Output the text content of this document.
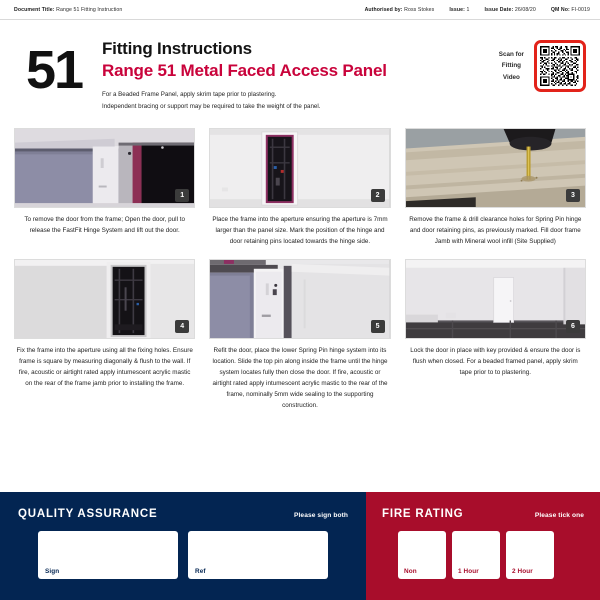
Document Title: Range 51 Fitting Instruction	Authorised by: Ross Stokes	Issue: 1	Issue Date: 26/08/20	QM No: FI-0019
51	Fitting Instructions
Range 51 Metal Faced Access Panel

For a Beaded Frame Panel, apply skrim tape prior to plastering.

Independent bracing or support may be required to take the weight of the panel.

Scan for
Fitting
Video
1
To remove the door from the frame; Open the door, pull to release the FastFit Hinge System and lift out the door.
2
Place the frame into the aperture ensuring the aperture is 7mm larger than the panel size. Mark the position of the hinge and door retaining pins located towards the hinge side.
3
Remove the frame & drill clearance holes for Spring Pin hinge and door retaining pins, as previously marked. Fill door frame Jamb with Mineral wool infill (Site Supplied)
4
Fix the frame into the aperture using all the fixing holes. Ensure frame is square by measuring diagonally & flush to the wall. If fire, acoustic or airtight rated apply intumescent acrylic mastic on the rear of the frame jamb prior to installing the frame.
5
Refit the door, place the lower Spring Pin hinge system into its location. Slide the top pin along inside the frame until the hinge system locates fully then close the door. If fire, acoustic or airtight rated apply intumescent acrylic mastic to the rear of the frame, nominally 5mm wide sealing to the supporting construction.
6
Lock the door in place with key provided & ensure the door is flush when closed. For a beaded framed panel, apply skrim tape prior to to plastering.
QUALITY ASSURANCE	Please sign both
Sign	Ref
FIRE RATING	Please tick one
Non	1 Hour	2 Hour
